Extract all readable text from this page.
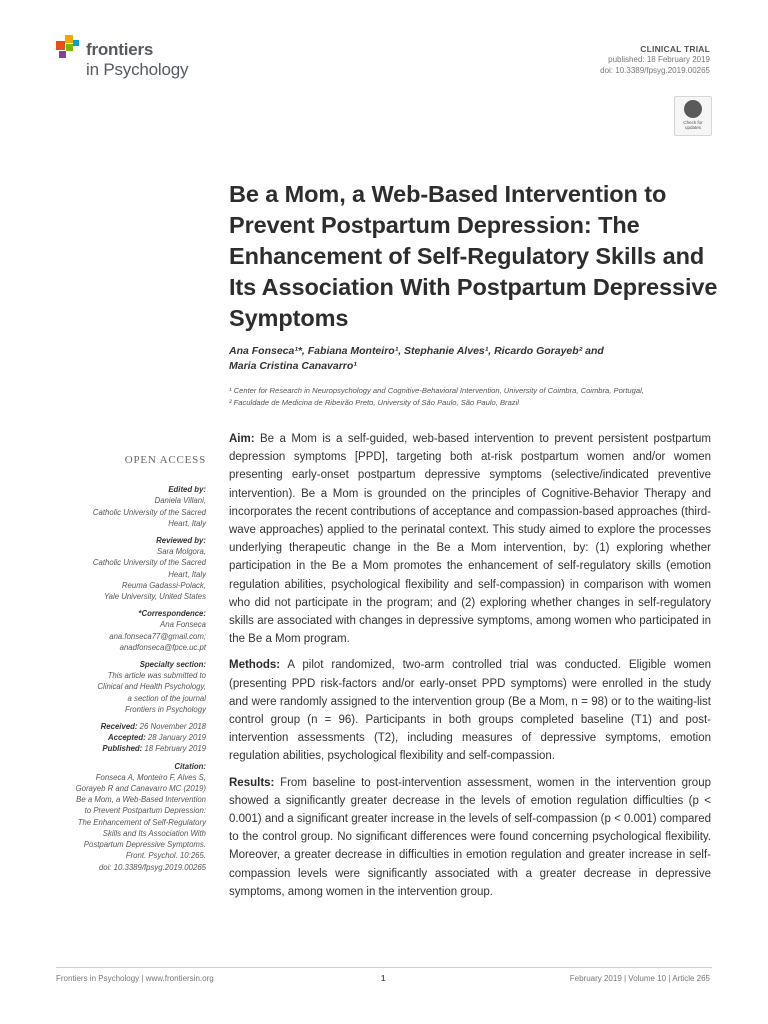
frontiers
in Psychology
CLINICAL TRIAL
published: 18 February 2019
doi: 10.3389/fpsyg.2019.00265
Check for
updates
Be a Mom, a Web-Based Intervention to Prevent Postpartum Depression: The Enhancement of Self-Regulatory Skills and Its Association With Postpartum Depressive Symptoms

Ana Fonseca¹*, Fabiana Monteiro¹, Stephanie Alves¹, Ricardo Gorayeb² and
Maria Cristina Canavarro¹

¹ Center for Research in Neuropsychology and Cognitive-Behavioral Intervention, University of Coimbra, Coimbra, Portugal,
² Faculdade de Medicina de Ribeirão Preto, University of São Paulo, São Paulo, Brazil

Aim: Be a Mom is a self-guided, web-based intervention to prevent persistent postpartum depression symptoms [PPD], targeting both at-risk postpartum women and/or women presenting early-onset postpartum depressive symptoms (selective/indicated preventive intervention). Be a Mom is grounded on the principles of Cognitive-Behavior Therapy and incorporates the recent contributions of acceptance and compassion-based approaches (third-wave approaches) applied to the perinatal context. This study aimed to explore the processes underlying therapeutic change in the Be a Mom intervention, by: (1) exploring whether participation in the Be a Mom promotes the enhancement of self-regulatory skills (emotion regulation abilities, psychological flexibility and self-compassion) in comparison with women who did not participate in the program; and (2) exploring whether changes in self-regulatory skills are associated with changes in depressive symptoms, among women who participated in the Be a Mom program.

Methods: A pilot randomized, two-arm controlled trial was conducted. Eligible women (presenting PPD risk-factors and/or early-onset PPD symptoms) were enrolled in the study and were randomly assigned to the intervention group (Be a Mom, n = 98) or to the waiting-list control group (n = 96). Participants in both groups completed baseline (T1) and post-intervention assessments (T2), including measures of depressive symptoms, emotion regulation abilities, psychological flexibility and self-compassion.

Results: From baseline to post-intervention assessment, women in the intervention group showed a significantly greater decrease in the levels of emotion regulation difficulties (p < 0.001) and a significant greater increase in the levels of self-compassion (p < 0.001) compared to the control group. No significant differences were found concerning psychological flexibility. Moreover, a greater decrease in difficulties in emotion regulation and greater increase in self-compassion levels were significantly associated with a greater decrease in depressive symptoms, among women in the intervention group.

OPEN ACCESS
Edited by:
Daniela Villani,
Catholic University of the Sacred
Heart, Italy
Reviewed by:
Sara Molgora,
Catholic University of the Sacred
Heart, Italy
Reuma Gadassi-Polack,
Yale University, United States
*Correspondence:
Ana Fonseca
ana.fonseca77@gmail.com;
anadfonseca@fpce.uc.pt
Specialty section:
This article was submitted to
Clinical and Health Psychology,
a section of the journal
Frontiers in Psychology
Received: 26 November 2018
Accepted: 28 January 2019
Published: 18 February 2019
Citation:
Fonseca A, Monteiro F, Alves S,
Gorayeb R and Canavarro MC (2019)
Be a Mom, a Web-Based Intervention
to Prevent Postpartum Depression:
The Enhancement of Self-Regulatory
Skills and Its Association With
Postpartum Depressive Symptoms.
Front. Psychol. 10:265.
doi: 10.3389/fpsyg.2019.00265
Frontiers in Psychology | www.frontiersin.org	1	February 2019 | Volume 10 | Article 265
